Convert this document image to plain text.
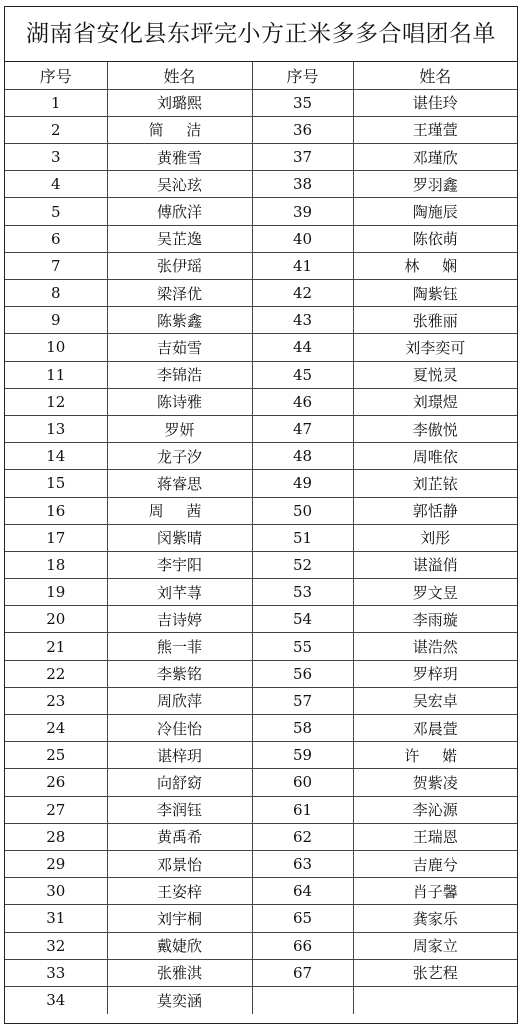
湖南省安化县东坪完小方正米多多合唱团名单
序号	姓名	序号	姓名
1	刘璐熙	35	谌佳玲
2	简 洁	36	王瑾萱
3	黄雅雪	37	邓瑾欣
4	吴沁玹	38	罗羽鑫
5	傅欣洋	39	陶施辰
6	吴芷逸	40	陈依萌
7	张伊瑶	41	林 娴
8	梁泽优	42	陶紫钰
9	陈紫鑫	43	张雅丽
10	吉茹雪	44	刘李奕可
11	李锦浩	45	夏悦灵
12	陈诗雅	46	刘璟煜
13	罗妍	47	李傲悦
14	龙子汐	48	周唯依
15	蒋睿思	49	刘芷铱
16	周 茜	50	郭恬静
17	闵紫晴	51	刘彤
18	李宇阳	52	谌溢俏
19	刘芊荨	53	罗文昱
20	吉诗婷	54	李雨璇
21	熊一菲	55	谌浩然
22	李紫铭	56	罗梓玥
23	周欣萍	57	吴宏卓
24	冷佳怡	58	邓晨萱
25	谌梓玥	59	许 婼
26	向舒窈	60	贺紫凌
27	李润钰	61	李沁源
28	黄禹希	62	王瑞恩
29	邓景怡	63	吉鹿兮
30	王姿梓	64	肖子馨
31	刘宇桐	65	龚家乐
32	戴婕欣	66	周家立
33	张雅淇	67	张艺程
34	莫奕涵		
